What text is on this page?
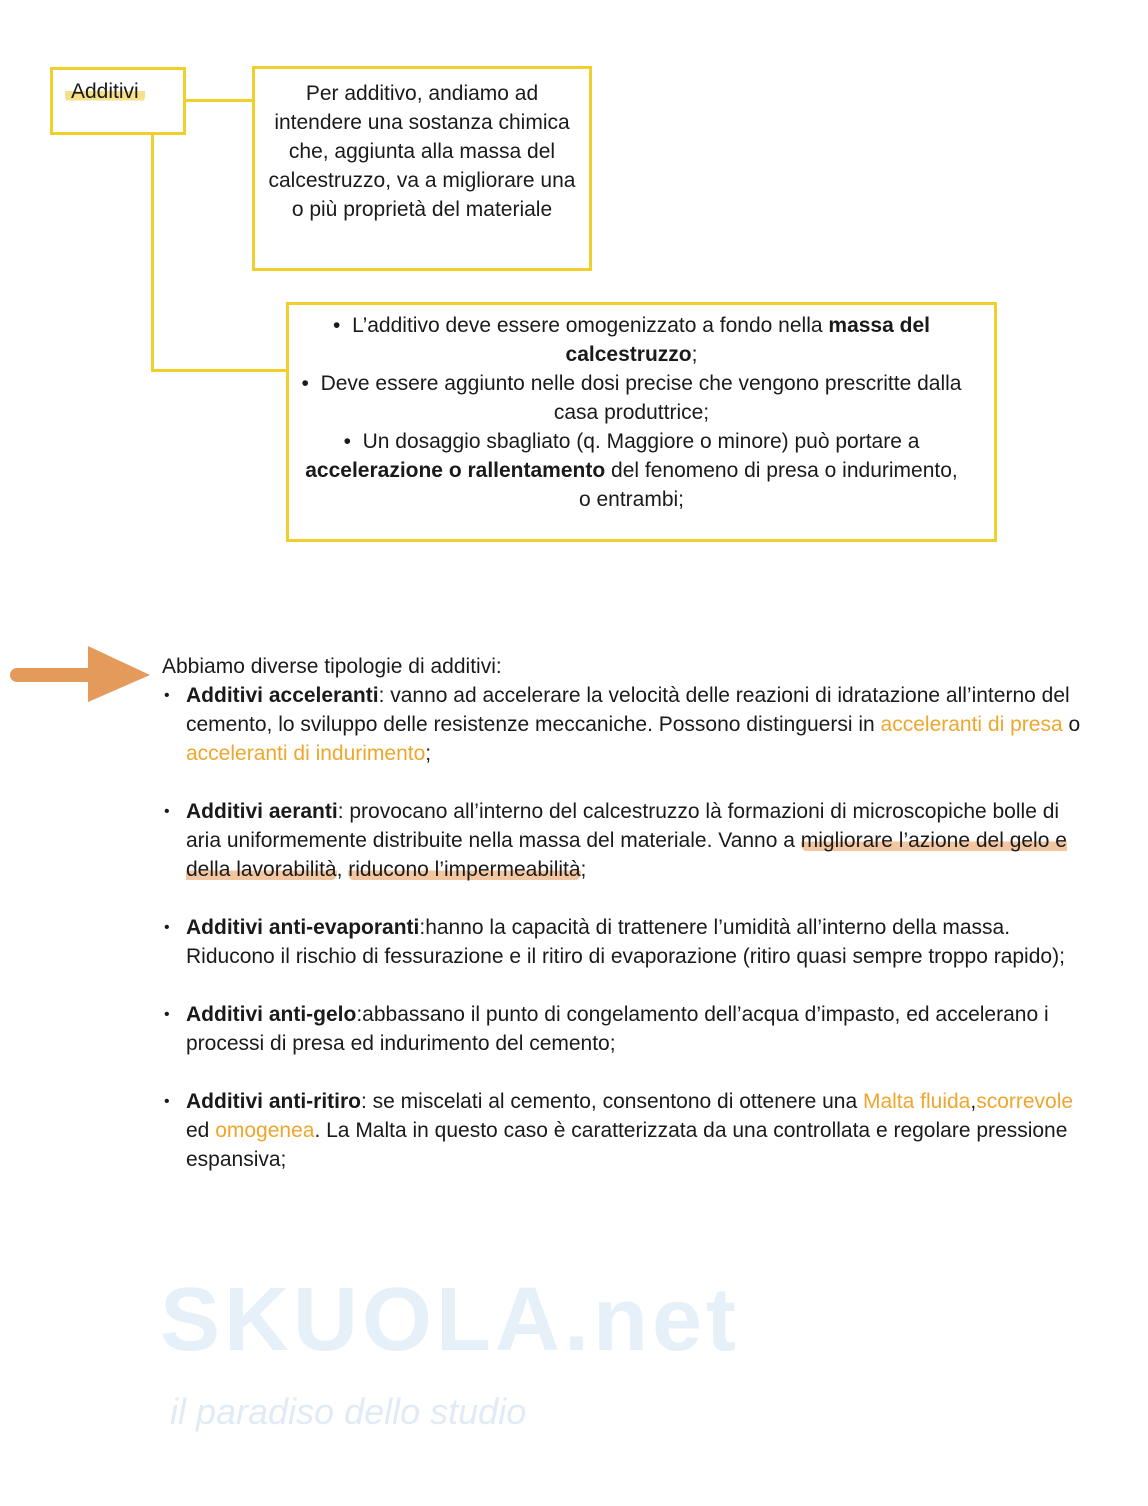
SKUOLA.net
il paradiso dello studio
Additivi	Per additivo, andiamo ad intendere una sostanza chimica che, aggiunta alla massa del calcestruzzo, va a migliorare una o più proprietà del materiale

•  L’additivo deve essere omogenizzato a fondo nella massa del calcestruzzo;

•  Deve essere aggiunto nelle dosi precise che vengono prescritte dalla casa produttrice;

•  Un dosaggio sbagliato (q. Maggiore o minore) può portare a accelerazione o rallentamento del fenomeno di presa o indurimento, o entrambi;

Abbiamo diverse tipologie di additivi:

• Additivi acceleranti: vanno ad accelerare la velocità delle reazioni di idratazione all’interno del cemento, lo sviluppo delle resistenze meccaniche. Possono distinguersi in acceleranti di presa o acceleranti di indurimento;
• Additivi aeranti: provocano all’interno del calcestruzzo là formazioni di microscopiche bolle di aria uniformemente distribuite nella massa del materiale. Vanno a migliorare l’azione del gelo e della lavorabilità, riducono l’impermeabilità;
• Additivi anti-evaporanti:hanno la capacità di trattenere l’umidità all’interno della massa. Riducono il rischio di fessurazione e il ritiro di evaporazione (ritiro quasi sempre troppo rapido);
• Additivi anti-gelo:abbassano il punto di congelamento dell’acqua d’impasto, ed accelerano i processi di presa ed indurimento del cemento;
• Additivi anti-ritiro: se miscelati al cemento, consentono di ottenere una Malta fluida,scorrevole ed omogenea. La Malta in questo caso è caratterizzata da una controllata e regolare pressione espansiva;
